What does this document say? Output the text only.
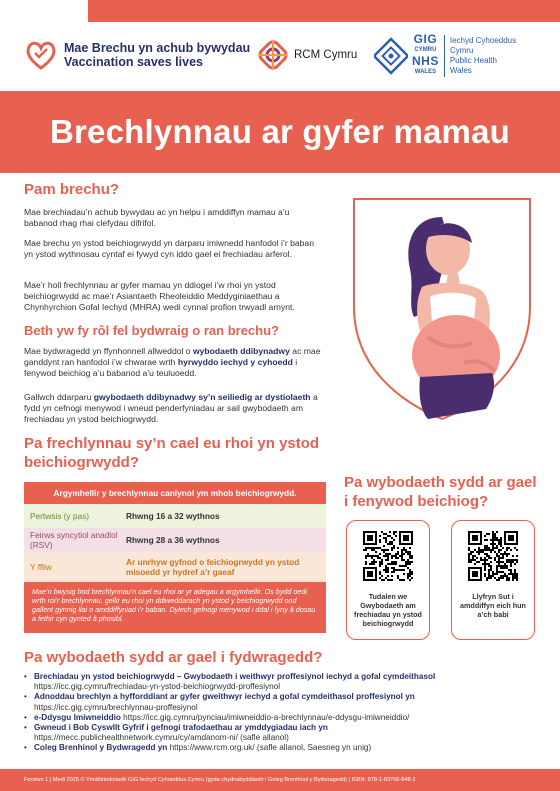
Mae Brechu yn achub bywydau
Vaccination saves lives	RCM Cymru
GIG
CYMRU
NHS
WALES
Iechyd Cyhoeddus
Cymru
Public Health
Wales
Brechlynnau ar gyfer mamau
Pam brechu?

Mae brechiadau’n achub bywydau ac yn helpu i amddiffyn mamau a’u babanod rhag rhai clefydau difrifol.

Mae brechu yn ystod beichiogrwydd yn darparu imiwnedd hanfodol i’r baban yn ystod wythnosau cyntaf ei fywyd cyn iddo gael ei frechiadau arferol.

Mae’r holl frechlynnau ar gyfer mamau yn ddiogel i’w rhoi yn ystod beichiogrwydd ac mae’r Asiantaeth Rheoleiddio Meddyginiaethau a Chynhyrchion Gofal Iechyd (MHRA) wedi cynnal profion trwyadl arnynt.

Beth yw fy rôl fel bydwraig o ran brechu?

Mae bydwragedd yn ffynhonnell allweddol o wybodaeth ddibynadwy ac mae ganddynt ran hanfodol i’w chwarae wrth hyrwyddo iechyd y cyhoedd i fenywod beichiog a’u babanod a’u teuluoedd.

Gallwch ddarparu gwybodaeth ddibynadwy sy’n seiliedig ar dystiolaeth a fydd yn cefnogi menywod i wneud penderfyniadau ar sail gwybodaeth am frechiadau yn ystod beichiogrwydd.

Pa frechlynnau sy’n cael eu rhoi yn ystod
beichiogrwydd?
Argymhellir y brechlynnau canlynol ym mhob beichiogrwydd.
Pertwsis (y pas)	Rhwng 16 a 32 wythnos
Feirws syncytiol anadlol (RSV)	Rhwng 28 a 36 wythnos
Y ffliw	Ar unrhyw gyfnod o feichiogrwydd yn ystod misoedd yr hydref a’r gaeaf
Mae’n bwysig bod brechlynnau’n cael eu rhoi ar yr adegau a argymhellir. Os bydd oedi wrth roi’r brechlynnau, gellir eu rhoi yn ddiweddarach yn ystod y beichiogrwydd ond gallent gynnig llai o amddiffyniad i’r baban. Dylech gefnogi menywod i ddal i fyny â dosau a fethir cyn gynted â phosibl.
Pa wybodaeth sydd ar gael i fenywod beichiog?
Tudalen we Gwybodaeth am frechiadau yn ystod beichiogrwydd
Llyfryn Sut i amddiffyn eich hun a’ch babi
Pa wybodaeth sydd ar gael i fydwragedd?
• Brechiadau yn ystod beichiogrwydd – Gwybodaeth i weithwyr proffesiynol iechyd a gofal cymdeithasol
https://icc.gig.cymru/frechiadau-yn-ystod-beichiogrwydd-proffesiynol
• Adnoddau brechlyn a hyfforddiant ar gyfer gweithwyr iechyd a gofal cymdeithasol proffesiynol yn
https://icc.gig.cymru/brechlynnau-proffesiynol
• e-Ddysgu Imiwneiddio https://icc.gig.cymru/pynciau/imiwneiddio-a-brechlynnau/e-ddysgu-imiwneiddio/
• Gwneud i Bob Cyswllt Gyfrif i gefnogi trafodaethau ar ymddygiadau iach yn
https://mecc.publichealthnetwork.cymru/cy/amdanom-ni/ (safle allanol)
• Coleg Brenhinol y Bydwragedd yn https://www.rcm.org.uk/ (safle allanol, Saesneg yn unig)
Fersiwn 1 | Medi 2025 © Ymddiriedolaeth GIG Iechyd Cyhoeddus Cymru (gyda chydnabyddiaeth i Goleg Brenhinol y Bydwragedd) | ISBN: 978-1-83766-848-1
